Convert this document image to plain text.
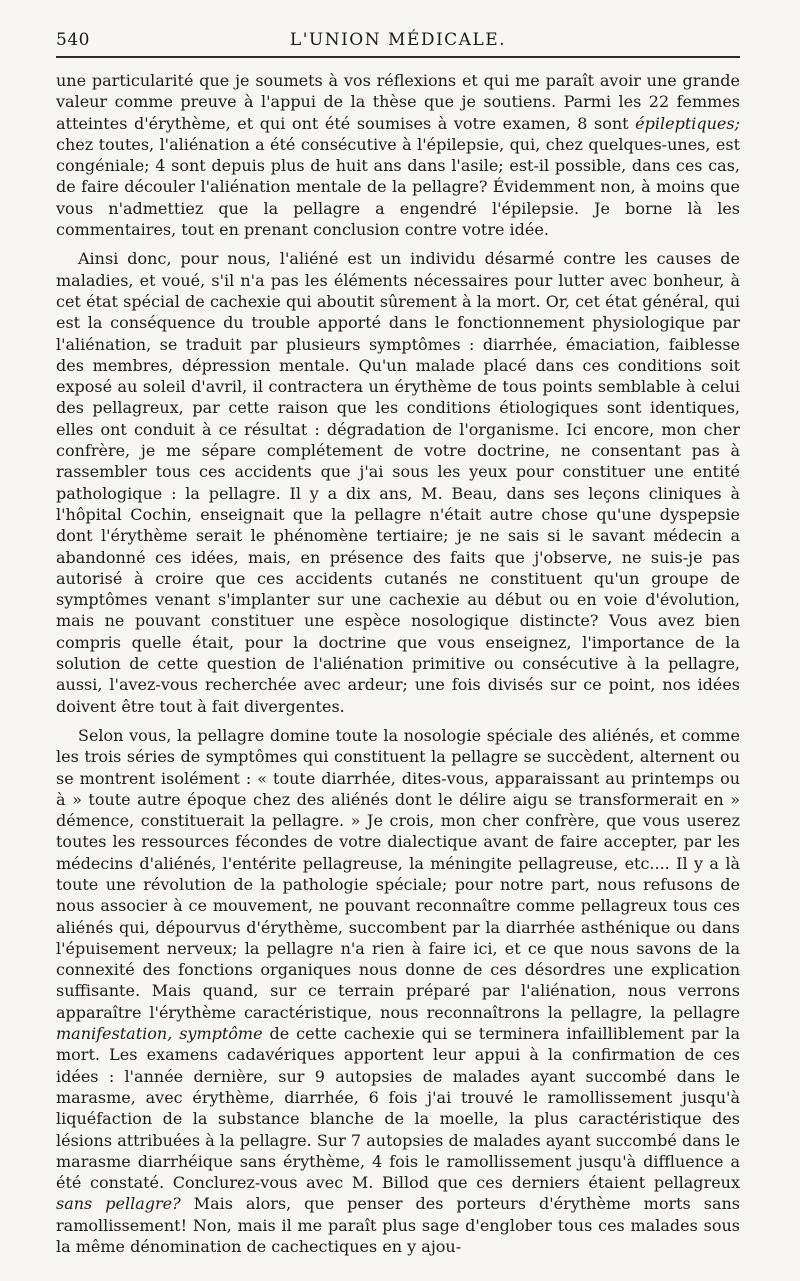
540	L'UNION MÉDICALE.

une particularité que je soumets à vos réflexions et qui me paraît avoir une grande valeur comme preuve à l'appui de la thèse que je soutiens. Parmi les 22 femmes atteintes d'érythème, et qui ont été soumises à votre examen, 8 sont épileptiques; chez toutes, l'aliénation a été consécutive à l'épilepsie, qui, chez quelques-unes, est congéniale; 4 sont depuis plus de huit ans dans l'asile; est-il possible, dans ces cas, de faire découler l'aliénation mentale de la pellagre? Évidemment non, à moins que vous n'admettiez que la pellagre a engendré l'épilepsie. Je borne là les commentaires, tout en prenant conclusion contre votre idée.

Ainsi donc, pour nous, l'aliéné est un individu désarmé contre les causes de maladies, et voué, s'il n'a pas les éléments nécessaires pour lutter avec bonheur, à cet état spécial de cachexie qui aboutit sûrement à la mort. Or, cet état général, qui est la conséquence du trouble apporté dans le fonctionnement physiologique par l'aliénation, se traduit par plusieurs symptômes : diarrhée, émaciation, faiblesse des membres, dépression mentale. Qu'un malade placé dans ces conditions soit exposé au soleil d'avril, il contractera un érythème de tous points semblable à celui des pellagreux, par cette raison que les conditions étiologiques sont identiques, elles ont conduit à ce résultat : dégradation de l'organisme. Ici encore, mon cher confrère, je me sépare complétement de votre doctrine, ne consentant pas à rassembler tous ces accidents que j'ai sous les yeux pour constituer une entité pathologique : la pellagre. Il y a dix ans, M. Beau, dans ses leçons cliniques à l'hôpital Cochin, enseignait que la pellagre n'était autre chose qu'une dyspepsie dont l'érythème serait le phénomène tertiaire; je ne sais si le savant médecin a abandonné ces idées, mais, en présence des faits que j'observe, ne suis-je pas autorisé à croire que ces accidents cutanés ne constituent qu'un groupe de symptômes venant s'implanter sur une cachexie au début ou en voie d'évolution, mais ne pouvant constituer une espèce nosologique distincte? Vous avez bien compris quelle était, pour la doctrine que vous enseignez, l'importance de la solution de cette question de l'aliénation primitive ou consécutive à la pellagre, aussi, l'avez-vous recherchée avec ardeur; une fois divisés sur ce point, nos idées doivent être tout à fait divergentes.

Selon vous, la pellagre domine toute la nosologie spéciale des aliénés, et comme les trois séries de symptômes qui constituent la pellagre se succèdent, alternent ou se montrent isolément : « toute diarrhée, dites-vous, apparaissant au printemps ou à » toute autre époque chez des aliénés dont le délire aigu se transformerait en » démence, constituerait la pellagre. » Je crois, mon cher confrère, que vous userez toutes les ressources fécondes de votre dialectique avant de faire accepter, par les médecins d'aliénés, l'entérite pellagreuse, la méningite pellagreuse, etc.... Il y a là toute une révolution de la pathologie spéciale; pour notre part, nous refusons de nous associer à ce mouvement, ne pouvant reconnaître comme pellagreux tous ces aliénés qui, dépourvus d'érythème, succombent par la diarrhée asthénique ou dans l'épuisement nerveux; la pellagre n'a rien à faire ici, et ce que nous savons de la connexité des fonctions organiques nous donne de ces désordres une explication suffisante. Mais quand, sur ce terrain préparé par l'aliénation, nous verrons apparaître l'érythème caractéristique, nous reconnaîtrons la pellagre, la pellagre manifestation, symptôme de cette cachexie qui se terminera infailliblement par la mort. Les examens cadavériques apportent leur appui à la confirmation de ces idées : l'année dernière, sur 9 autopsies de malades ayant succombé dans le marasme, avec érythème, diarrhée, 6 fois j'ai trouvé le ramollissement jusqu'à liquéfaction de la substance blanche de la moelle, la plus caractéristique des lésions attribuées à la pellagre. Sur 7 autopsies de malades ayant succombé dans le marasme diarrhéique sans érythème, 4 fois le ramollissement jusqu'à diffluence a été constaté. Conclurez-vous avec M. Billod que ces derniers étaient pellagreux sans pellagre? Mais alors, que penser des porteurs d'érythème morts sans ramollissement! Non, mais il me paraît plus sage d'englober tous ces malades sous la même dénomination de cachectiques en y ajou-
